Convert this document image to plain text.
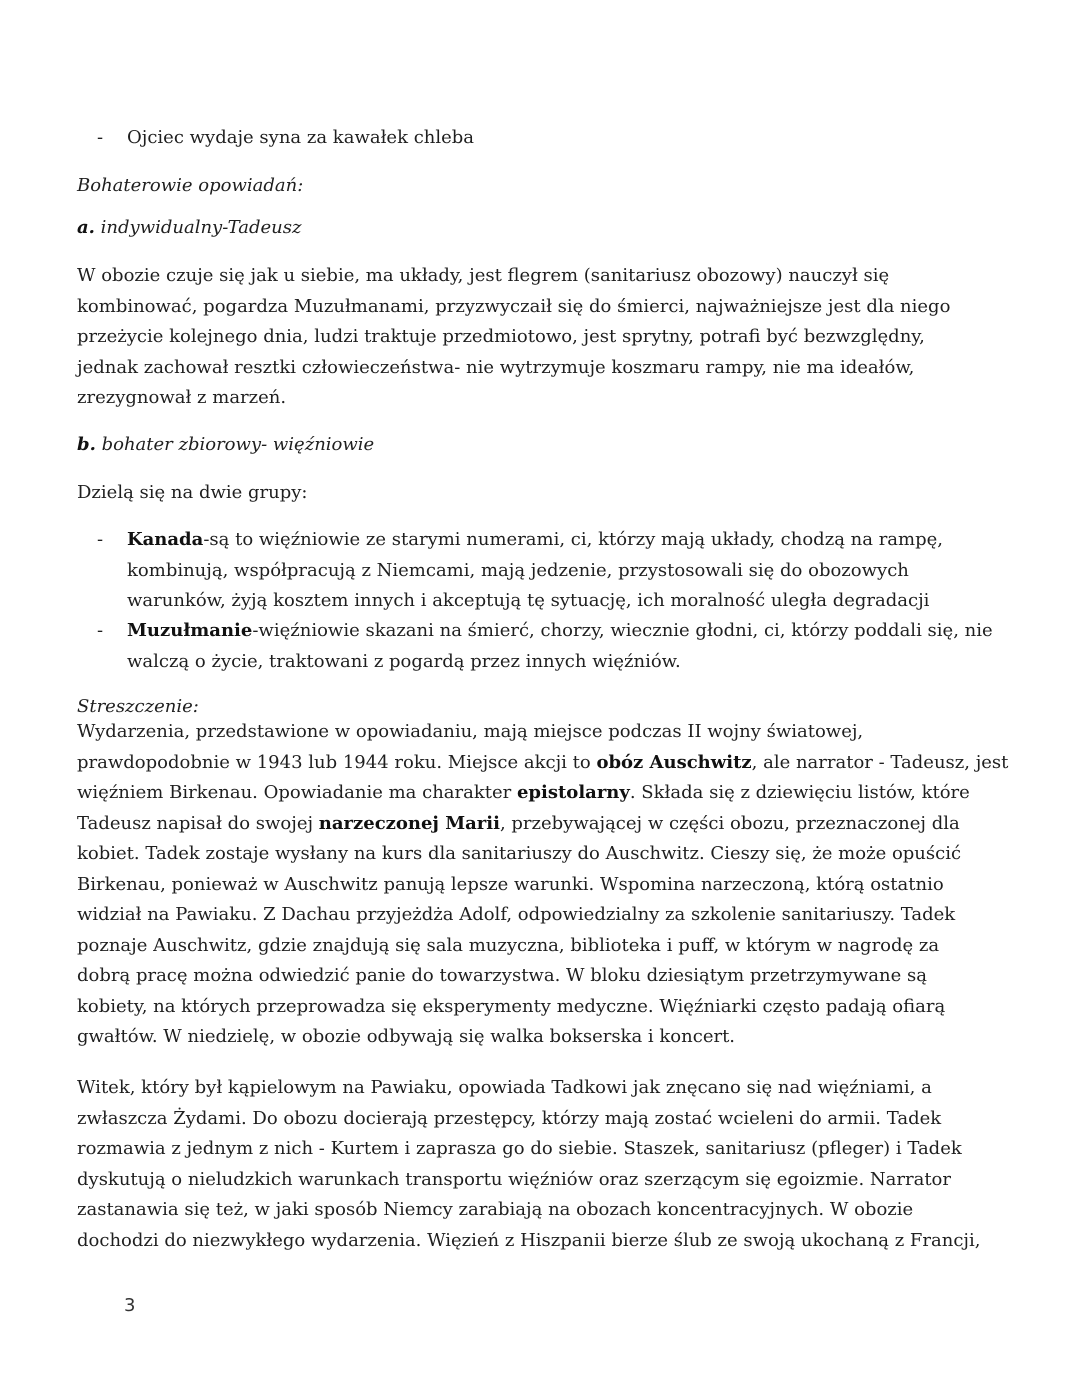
- Ojciec wydaje syna za kawałek chleba
Bohaterowie opowiadań:
a. indywidualny-Tadeusz
W obozie czuje się jak u siebie, ma układy, jest flegrem (sanitariusz obozowy) nauczył się
kombinować, pogardza Muzułmanami, przyzwyczaił się do śmierci, najważniejsze jest dla niego
przeżycie kolejnego dnia, ludzi traktuje przedmiotowo, jest sprytny, potrafi być bezwzględny,
jednak zachował resztki człowieczeństwa- nie wytrzymuje koszmaru rampy, nie ma ideałów,
zrezygnował z marzeń.
b. bohater zbiorowy- więźniowie
Dzielą się na dwie grupy:
- Kanada-są to więźniowie ze starymi numerami, ci, którzy mają układy, chodzą na rampę,
kombinują, współpracują z Niemcami, mają jedzenie, przystosowali się do obozowych
warunków, żyją kosztem innych i akceptują tę sytuację, ich moralność uległa degradacji
- Muzułmanie-więźniowie skazani na śmierć, chorzy, wiecznie głodni, ci, którzy poddali się, nie
walczą o życie, traktowani z pogardą przez innych więźniów.
Streszczenie:
Wydarzenia, przedstawione w opowiadaniu, mają miejsce podczas II wojny światowej,
prawdopodobnie w 1943 lub 1944 roku. Miejsce akcji to obóz Auschwitz, ale narrator - Tadeusz, jest
więźniem Birkenau. Opowiadanie ma charakter epistolarny. Składa się z dziewięciu listów, które
Tadeusz napisał do swojej narzeczonej Marii, przebywającej w części obozu, przeznaczonej dla
kobiet. Tadek zostaje wysłany na kurs dla sanitariuszy do Auschwitz. Cieszy się, że może opuścić
Birkenau, ponieważ w Auschwitz panują lepsze warunki. Wspomina narzeczoną, którą ostatnio
widział na Pawiaku. Z Dachau przyjeżdża Adolf, odpowiedzialny za szkolenie sanitariuszy. Tadek
poznaje Auschwitz, gdzie znajdują się sala muzyczna, biblioteka i puff, w którym w nagrodę za
dobrą pracę można odwiedzić panie do towarzystwa. W bloku dziesiątym przetrzymywane są
kobiety, na których przeprowadza się eksperymenty medyczne. Więźniarki często padają ofiarą
gwałtów. W niedzielę, w obozie odbywają się walka bokserska i koncert.
Witek, który był kąpielowym na Pawiaku, opowiada Tadkowi jak znęcano się nad więźniami, a
zwłaszcza Żydami. Do obozu docierają przestępcy, którzy mają zostać wcieleni do armii. Tadek
rozmawia z jednym z nich - Kurtem i zaprasza go do siebie. Staszek, sanitariusz (pfleger) i Tadek
dyskutują o nieludzkich warunkach transportu więźniów oraz szerzącym się egoizmie. Narrator
zastanawia się też, w jaki sposób Niemcy zarabiają na obozach koncentracyjnych. W obozie
dochodzi do niezwykłego wydarzenia. Więzień z Hiszpanii bierze ślub ze swoją ukochaną z Francji,
3
